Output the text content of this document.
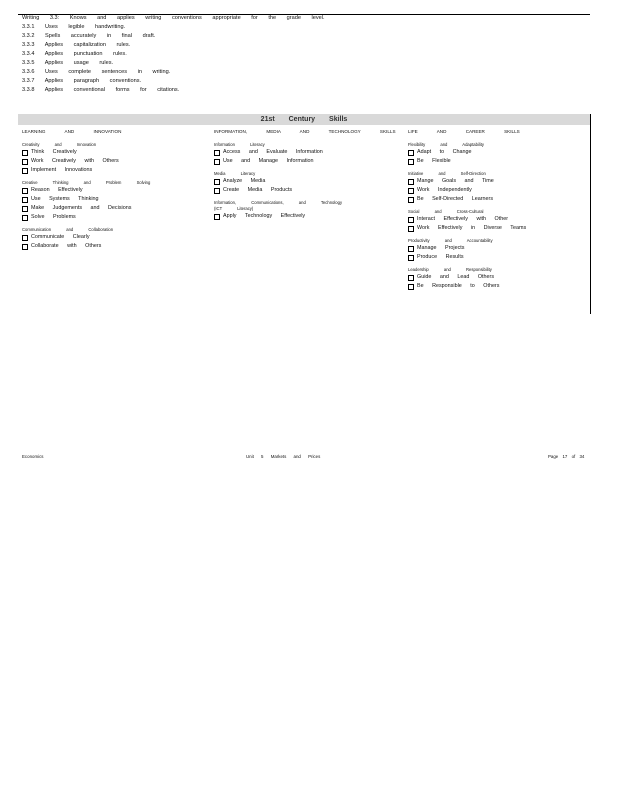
Writing 3.3: Knows and applies writing conventions appropriate for the grade level.
3.3.1 Uses legible handwriting.
3.3.2 Spells accurately in final draft.
3.3.3 Applies capitalization rules.
3.3.4 Applies punctuation rules.
3.3.5 Applies usage rules.
3.3.6 Uses complete sentences in writing.
3.3.7 Applies paragraph conventions.
3.3.8 Applies conventional forms for citations.
21st Century Skills
LEARNING AND INNOVATION
Creativity and Innovation
Think Creatively
Work Creatively with Others
Implement Innovations
Creative Thinking and Problem Solving
Reason Effectively
Use Systems Thinking
Make Judgements and Decisions
Solve Problems
Communication and Collaboration
Communicate Clearly
Collaborate with Others
INFORMATION, MEDIA AND TECHNOLOGY SKILLS
Information Literacy
Access and Evaluate Information
Use and Manage Information
Media Literacy
Analyze Media
Create Media Products
Information, Communications, and Technology (ICT Literacy)
Apply Technology Effectively
LIFE AND CAREER SKILLS
Flexibility and Adaptability
Adapt to Change
Be Flexible
Initiative and Self-Direction
Mange Goals and Time
Work Independently
Be Self-Directed Learners
Social and Cross-Cultural
Interact Effectively with Other
Work Effectively in Diverse Teams
Productivity and Accountability
Manage Projects
Produce Results
Leadership and Responsibility
Guide and Lead Others
Be Responsible to Others
Economics	Unit 5 Markets and Prices	Page 17 of 34
